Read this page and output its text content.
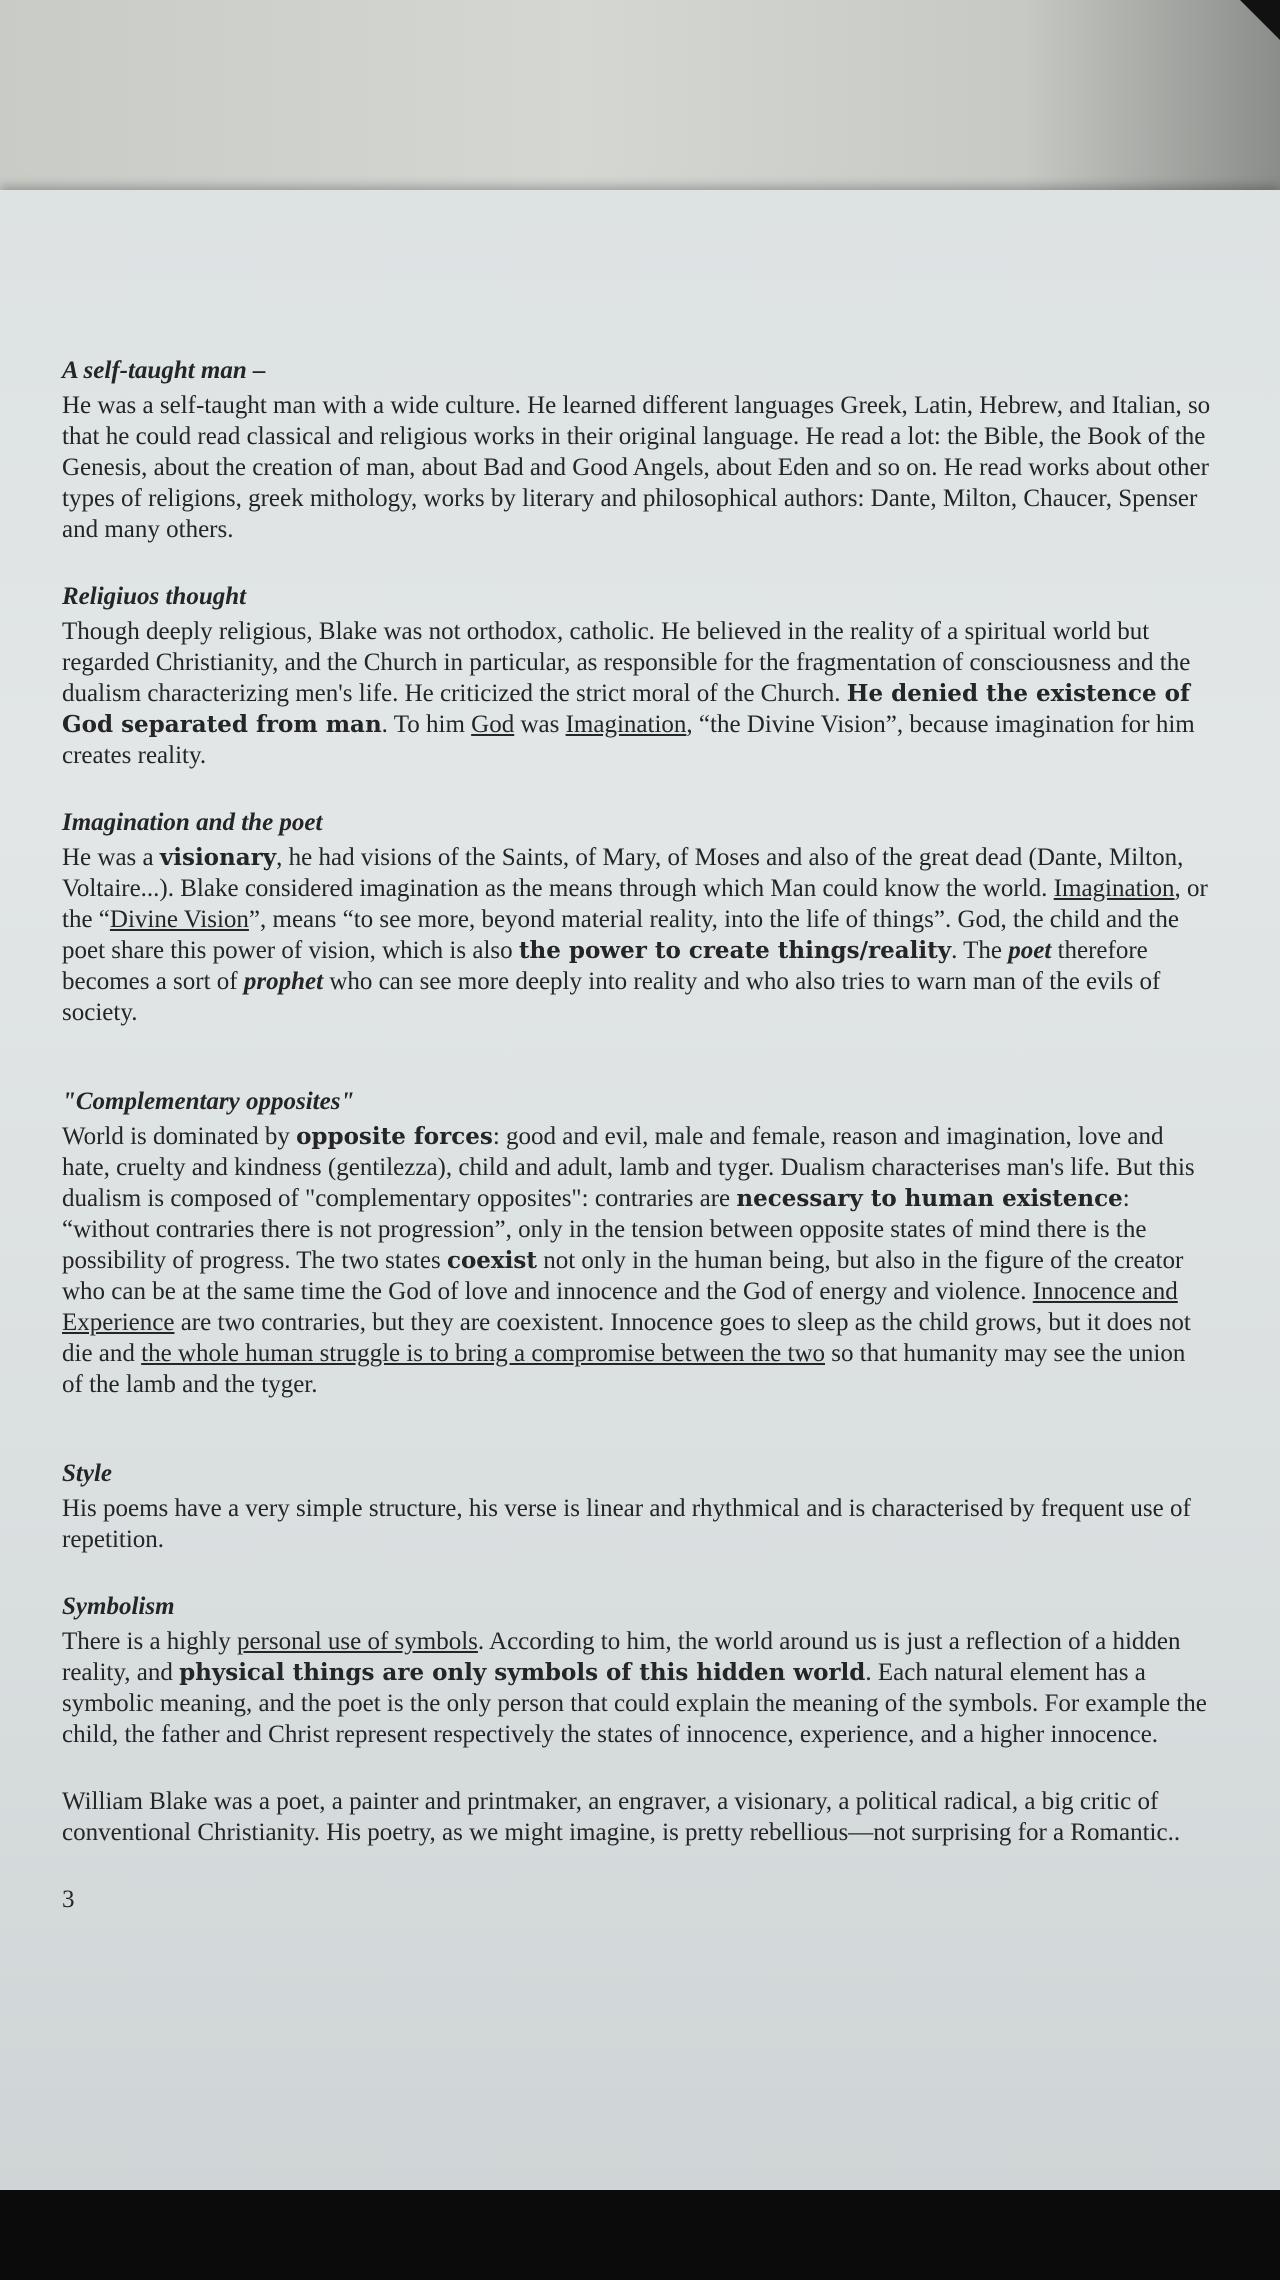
A self-taught man –

He was a self-taught man with a wide culture. He learned different languages Greek, Latin, Hebrew, and Italian, so that he could read classical and religious works in their original language. He read a lot: the Bible, the Book of the Genesis, about the creation of man, about Bad and Good Angels, about Eden and so on. He read works about other types of religions, greek mithology, works by literary and philosophical authors: Dante, Milton, Chaucer, Spenser and many others.

Religiuos thought

Though deeply religious, Blake was not orthodox, catholic. He believed in the reality of a spiritual world but regarded Christianity, and the Church in particular, as responsible for the fragmentation of consciousness and the dualism characterizing men's life. He criticized the strict moral of the Church. He denied the existence of God separated from man. To him God was Imagination, “the Divine Vision”, because imagination for him creates reality.

Imagination and the poet

He was a visionary, he had visions of the Saints, of Mary, of Moses and also of the great dead (Dante, Milton, Voltaire...). Blake considered imagination as the means through which Man could know the world. Imagination, or the “Divine Vision”, means “to see more, beyond material reality, into the life of things”. God, the child and the poet share this power of vision, which is also the power to create things/reality. The poet therefore becomes a sort of prophet who can see more deeply into reality and who also tries to warn man of the evils of society.

"Complementary opposites"

World is dominated by opposite forces: good and evil, male and female, reason and imagination, love and hate, cruelty and kindness (gentilezza), child and adult, lamb and tyger. Dualism characterises man's life. But this dualism is composed of "complementary opposites": contraries are necessary to human existence: “without contraries there is not progression”, only in the tension between opposite states of mind there is the possibility of progress. The two states coexist not only in the human being, but also in the figure of the creator who can be at the same time the God of love and innocence and the God of energy and violence. Innocence and Experience are two contraries, but they are coexistent. Innocence goes to sleep as the child grows, but it does not die and the whole human struggle is to bring a compromise between the two so that humanity may see the union of the lamb and the tyger.

Style

His poems have a very simple structure, his verse is linear and rhythmical and is characterised by frequent use of repetition.

Symbolism

There is a highly personal use of symbols. According to him, the world around us is just a reflection of a hidden reality, and physical things are only symbols of this hidden world. Each natural element has a symbolic meaning, and the poet is the only person that could explain the meaning of the symbols. For example the child, the father and Christ represent respectively the states of innocence, experience, and a higher innocence.

William Blake was a poet, a painter and printmaker, an engraver, a visionary, a political radical, a big critic of conventional Christianity. His poetry, as we might imagine, is pretty rebellious—not surprising for a Romantic..

3
